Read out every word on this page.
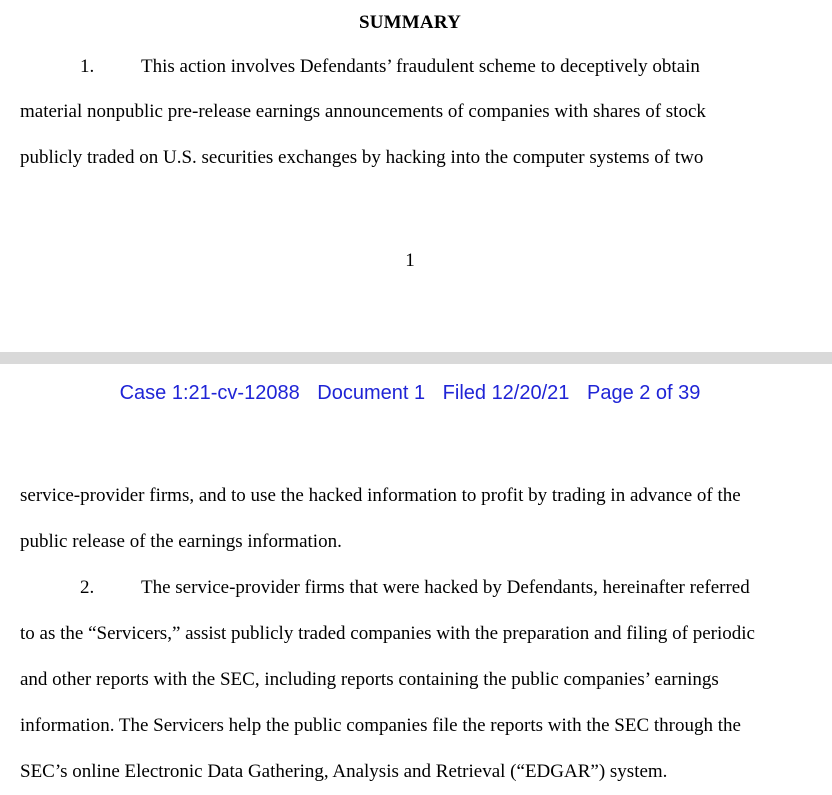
SUMMARY
1. This action involves Defendants’ fraudulent scheme to deceptively obtain
material nonpublic pre-release earnings announcements of companies with shares of stock
publicly traded on U.S. securities exchanges by hacking into the computer systems of two
1
Case 1:21-cv-12088 Document 1 Filed 12/20/21 Page 2 of 39
service-provider firms, and to use the hacked information to profit by trading in advance of the
public release of the earnings information.
2. The service-provider firms that were hacked by Defendants, hereinafter referred
to as the “Servicers,” assist publicly traded companies with the preparation and filing of periodic
and other reports with the SEC, including reports containing the public companies’ earnings
information. The Servicers help the public companies file the reports with the SEC through the
SEC’s online Electronic Data Gathering, Analysis and Retrieval (“EDGAR”) system.
